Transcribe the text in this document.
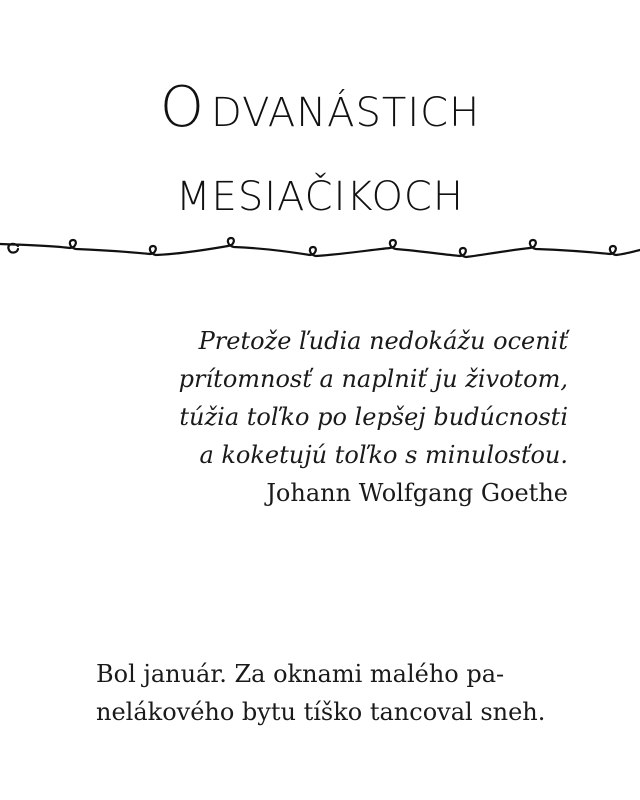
O DVANÁSTICH
MESIAČIKOCH
Pretože ľudia nedokážu oceniť
prítomnosť a naplniť ju životom,
túžia toľko po lepšej budúcnosti
a koketujú toľko s minulosťou.
Johann Wolfgang Goethe
Bol január. Za oknami malého pa-
nelákového bytu tíško tancoval sneh.
